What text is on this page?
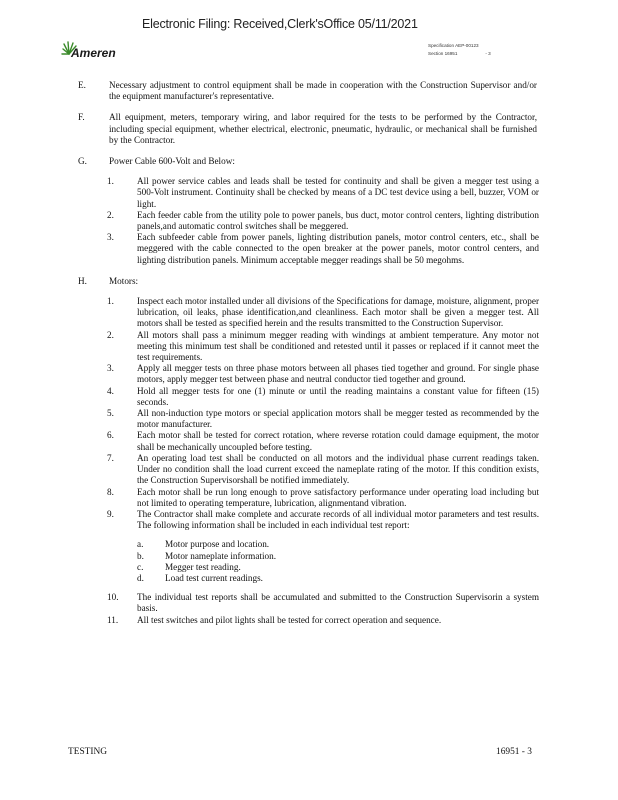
Electronic Filing: Received,Clerk'sOffice 05/11/2021
Ameren
Specification AEP-00123
Section 16951	- 3
E.	Necessary adjustment to control equipment shall be made in cooperation with the Construction Supervisor and/or the equipment manufacturer's representative.
F.	All equipment, meters, temporary wiring, and labor required for the tests to be performed by the Contractor, including special equipment, whether electrical, electronic, pneumatic, hydraulic, or mechanical shall be furnished by the Contractor.
G.	Power Cable 600-Volt and Below:
1.	All power service cables and leads shall be tested for continuity and shall be given a megger test using a 500-Volt instrument. Continuity shall be checked by means of a DC test device using a bell, buzzer, VOM or light.
2.	Each feeder cable from the utility pole to power panels, bus duct, motor control centers, lighting distribution panels,and automatic control switches shall be meggered.
3.	Each subfeeder cable from power panels, lighting distribution panels, motor control centers, etc., shall be meggered with the cable connected to the open breaker at the power panels, motor control centers, and lighting distribution panels. Minimum acceptable megger readings shall be 50 megohms.
H.	Motors:
1.	Inspect each motor installed under all divisions of the Specifications for damage, moisture, alignment, proper lubrication, oil leaks, phase identification,and cleanliness. Each motor shall be given a megger test. All motors shall be tested as specified herein and the results transmitted to the Construction Supervisor.
2.	All motors shall pass a minimum megger reading with windings at ambient temperature. Any motor not meeting this minimum test shall be conditioned and retested until it passes or replaced if it cannot meet the test requirements.
3.	Apply all megger tests on three phase motors between all phases tied together and ground. For single phase motors, apply megger test between phase and neutral conductor tied together and ground.
4.	Hold all megger tests for one (1) minute or until the reading maintains a constant value for fifteen (15) seconds.
5.	All non-induction type motors or special application motors shall be megger tested as recommended by the motor manufacturer.
6.	Each motor shall be tested for correct rotation, where reverse rotation could damage equipment, the motor shall be mechanically uncoupled before testing.
7.	An operating load test shall be conducted on all motors and the individual phase current readings taken. Under no condition shall the load current exceed the nameplate rating of the motor. If this condition exists, the Construction Supervisorshall be notified immediately.
8.	Each motor shall be run long enough to prove satisfactory performance under operating load including but not limited to operating temperature, lubrication, alignmentand vibration.
9.	The Contractor shall make complete and accurate records of all individual motor parameters and test results. The following information shall be included in each individual test report:
a.	Motor purpose and location.
b.	Motor nameplate information.
c.	Megger test reading.
d.	Load test current readings.
10.	The individual test reports shall be accumulated and submitted to the Construction Supervisorin a system basis.
11.	All test switches and pilot lights shall be tested for correct operation and sequence.
TESTING	16951 - 3
